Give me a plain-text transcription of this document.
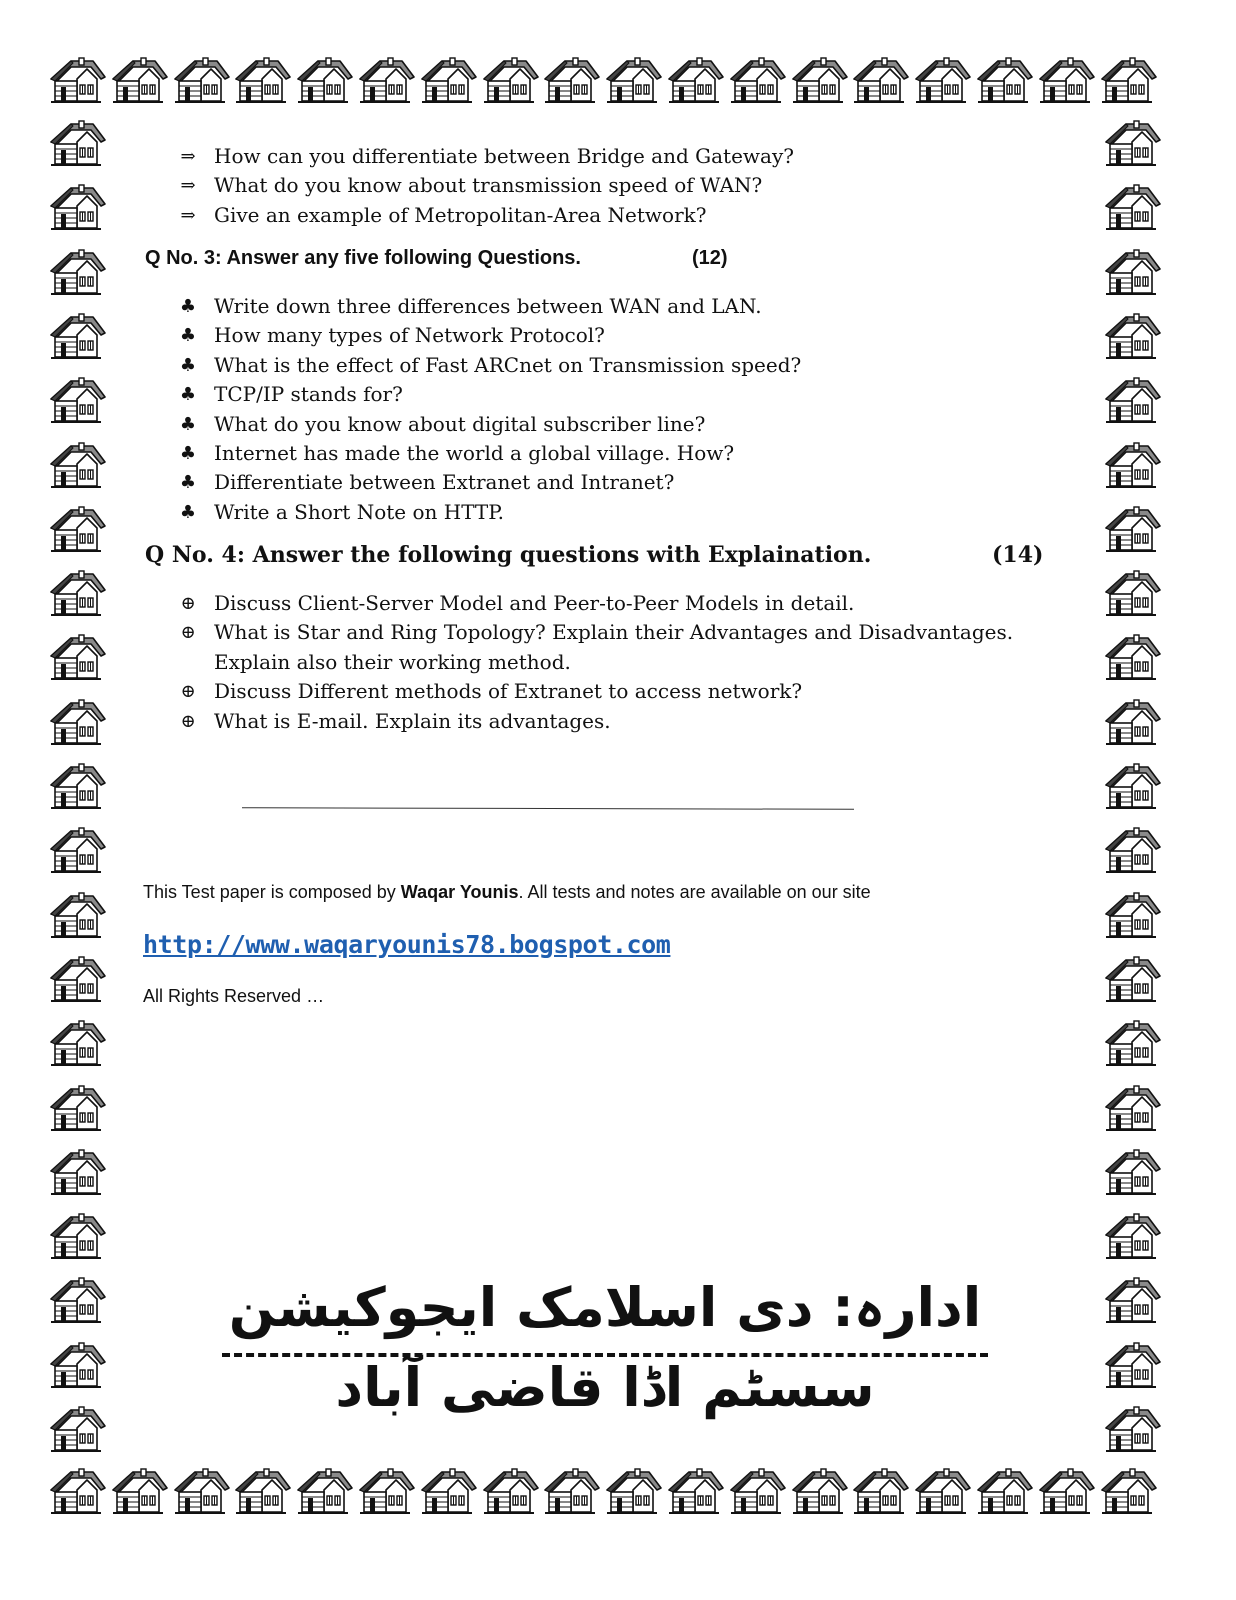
⇒ How can you differentiate between Bridge and Gateway?
⇒ What do you know about transmission speed of WAN?
⇒ Give an example of Metropolitan-Area Network?
Q No. 3: Answer any five following Questions.	(12)
♣ Write down three differences between WAN and LAN.
♣ How many types of Network Protocol?
♣ What is the effect of Fast ARCnet on Transmission speed?
♣ TCP/IP stands for?
♣ What do you know about digital subscriber line?
♣ Internet has made the world a global village. How?
♣ Differentiate between Extranet and Intranet?
♣ Write a Short Note on HTTP.
Q No. 4: Answer the following questions with Explaination.	(14)
⊕ Discuss Client-Server Model and Peer-to-Peer Models in detail.
⊕ What is Star and Ring Topology? Explain their Advantages and Disadvantages.
Explain also their working method.
⊕ Discuss Different methods of Extranet to access network?
⊕ What is E-mail. Explain its advantages.
This Test paper is composed by Waqar Younis. All tests and notes are available on our site
http://www.waqaryounis78.bogspot.com
All Rights Reserved …
ادارہ: دی اسلامک ایجوکیشن سسٹم اڈا قاضی آباد
